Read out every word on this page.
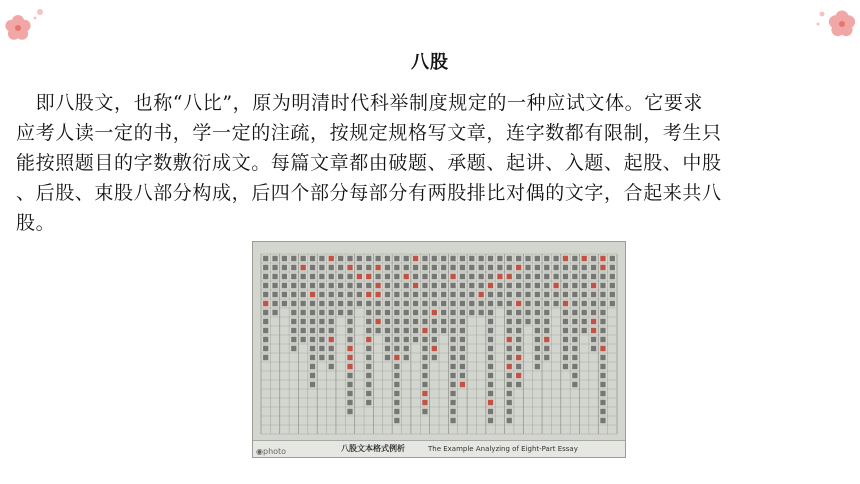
八股
　即八股文，也称“八比”，原为明清时代科举制度规定的一种应试文体。它要求
应考人读一定的书，学一定的注疏，按规定规格写文章，连字数都有限制，考生只
能按照题目的字数敷衍成文。每篇文章都由破题、承题、起讲、入题、起股、中股
、后股、束股八部分构成，后四个部分每部分有两股排比对偶的文字，合起来共八
股。
八股文本格式例析	The Example Analyzing of Eight-Part Essay
◉photo
